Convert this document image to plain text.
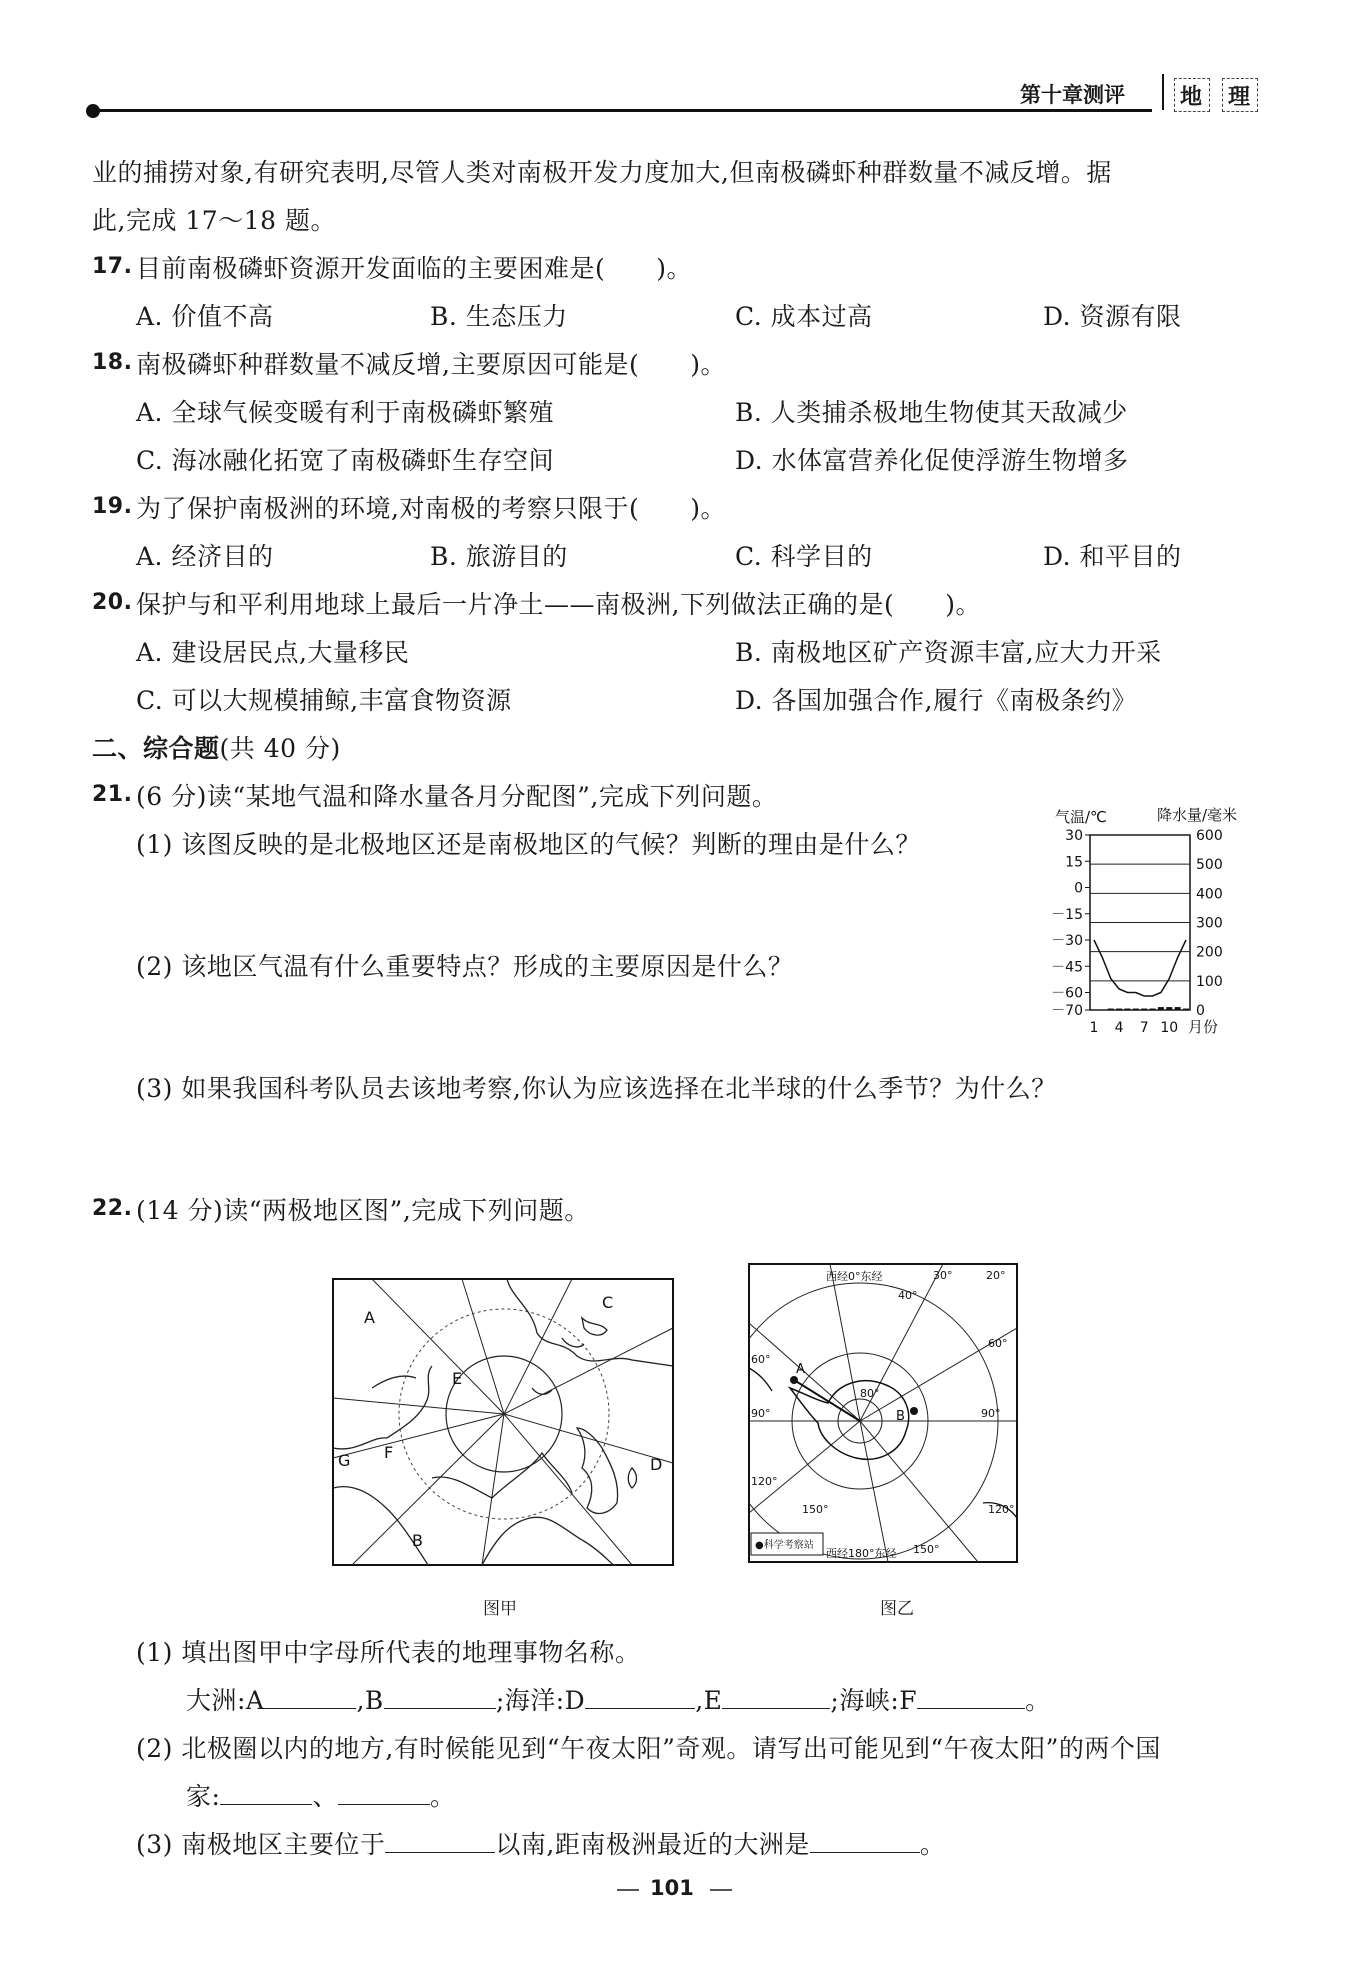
第十章测评	地 理
业的捕捞对象,有研究表明,尽管人类对南极开发力度加大,但南极磷虾种群数量不减反增。据
此,完成 17～18 题。
17. 目前南极磷虾资源开发面临的主要困难是(　　)。
A. 价值不高	B. 生态压力	C. 成本过高	D. 资源有限
18. 南极磷虾种群数量不减反增,主要原因可能是(　　)。
A. 全球气候变暖有利于南极磷虾繁殖	B. 人类捕杀极地生物使其天敌减少
C. 海冰融化拓宽了南极磷虾生存空间	D. 水体富营养化促使浮游生物增多
19. 为了保护南极洲的环境,对南极的考察只限于(　　)。
A. 经济目的	B. 旅游目的	C. 科学目的	D. 和平目的
20. 保护与和平利用地球上最后一片净土——南极洲,下列做法正确的是(　　)。
A. 建设居民点,大量移民	B. 南极地区矿产资源丰富,应大力开采
C. 可以大规模捕鲸,丰富食物资源	D. 各国加强合作,履行《南极条约》
二、综合题(共 40 分)
21. (6 分)读“某地气温和降水量各月分配图”,完成下列问题。
(1) 该图反映的是北极地区还是南极地区的气候？判断的理由是什么？
(2) 该地区气温有什么重要特点？形成的主要原因是什么？
(3) 如果我国科考队员去该地考察,你认为应该选择在北半球的什么季节？为什么？
气温/℃	降水量/毫米
30
15
0
－15
－30
－45
－60
－70
600
500
400
300
200
100
0
1 4 7 10 月份
22. (14 分)读“两极地区图”,完成下列问题。
A
B
C
D
E
F
G
图甲
A
B
西经0°东经
西经180°东经
30°	20°
40°
60°
60°
90°	90°
80°
120°
120°
150°
150°
●科学考察站
图乙
(1) 填出图甲中字母所代表的地理事物名称。
大洲:A	,B	;海洋:D	,E	;海峡:F	。
(2) 北极圈以内的地方,有时候能见到“午夜太阳”奇观。请写出可能见到“午夜太阳”的两个国
家:	、	。
(3) 南极地区主要位于	以南,距南极洲最近的大洲是	。
101
